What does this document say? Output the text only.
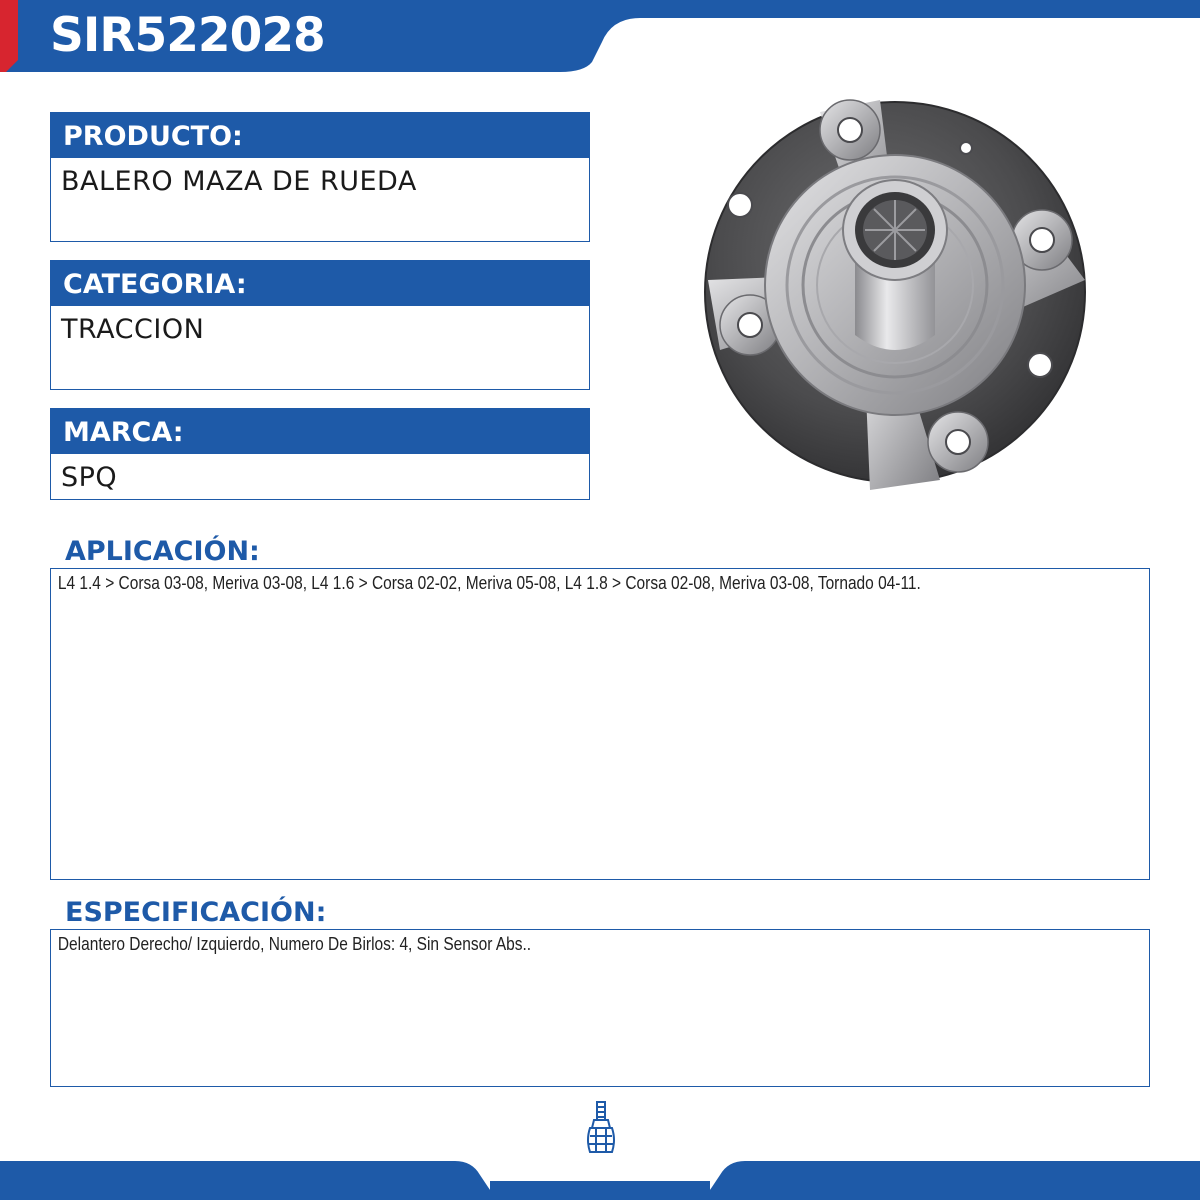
SIR522028
PRODUCTO:
BALERO MAZA DE RUEDA
CATEGORIA:
TRACCION
MARCA:
SPQ
APLICACIÓN:
L4 1.4 > Corsa 03-08, Meriva 03-08, L4 1.6 > Corsa 02-02, Meriva 05-08, L4 1.8 > Corsa 02-08, Meriva 03-08, Tornado 04-11.
ESPECIFICACIÓN:
Delantero Derecho/ Izquierdo, Numero De Birlos: 4, Sin Sensor Abs..
TRACCIÓN
